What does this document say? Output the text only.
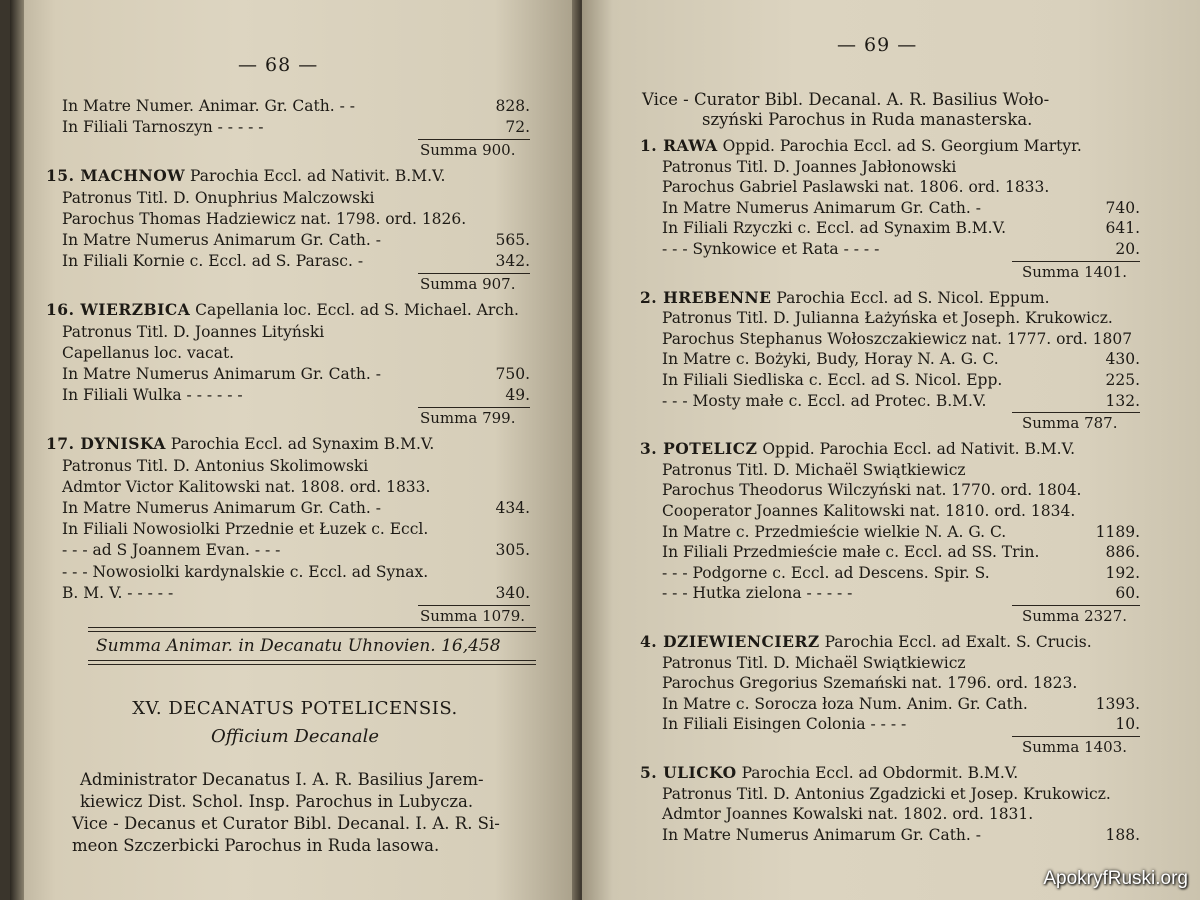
— 68 —
In Matre Numer. Animar. Gr. Cath. - -	828.
In Filiali Tarnoszyn - - - - -	72.
Summa 900.
15. MACHNOW Parochia Eccl. ad Nativit. B.M.V.
Patronus Titl. D. Onuphrius Malczowski
Parochus Thomas Hadziewicz nat. 1798. ord. 1826.
In Matre Numerus Animarum Gr. Cath. -	565.
In Filiali Kornie c. Eccl. ad S. Parasc. -	342.
Summa 907.
16. WIERZBICA Capellania loc. Eccl. ad S. Michael. Arch.
Patronus Titl. D. Joannes Lityński
Capellanus loc. vacat.
In Matre Numerus Animarum Gr. Cath. -	750.
In Filiali Wulka - - - - - -	49.
Summa 799.
17. DYNISKA Parochia Eccl. ad Synaxim B.M.V.
Patronus Titl. D. Antonius Skolimowski
Admtor Victor Kalitowski nat. 1808. ord. 1833.
In Matre Numerus Animarum Gr. Cath. -	434.
In Filiali Nowosiolki Przednie et Łuzek c. Eccl.
- - - ad S Joannem Evan. - - -	305.
- - - Nowosiolki kardynalskie c. Eccl. ad Synax.
B. M. V. - - - - -	340.
Summa 1079.
Summa Animar. in Decanatu Uhnovien. 16,458
XV. DECANATUS POTELICENSIS.
Officium Decanale
Administrator Decanatus I. A. R. Basilius Jarem-
kiewicz Dist. Schol. Insp. Parochus in Lubycza.
Vice - Decanus et Curator Bibl. Decanal. I. A. R. Si-
meon Szczerbicki Parochus in Ruda lasowa.
— 69 —
Vice - Curator Bibl. Decanal. A. R. Basilius Woło-
szyński Parochus in Ruda manasterska.
1. RAWA Oppid. Parochia Eccl. ad S. Georgium Martyr.
Patronus Titl. D. Joannes Jabłonowski
Parochus Gabriel Paslawski nat. 1806. ord. 1833.
In Matre Numerus Animarum Gr. Cath. -	740.
In Filiali Rzyczki c. Eccl. ad Synaxim B.M.V.	641.
- - - Synkowice et Rata - - - -	20.
Summa 1401.
2. HREBENNE Parochia Eccl. ad S. Nicol. Eppum.
Patronus Titl. D. Julianna Łażyńska et Joseph. Krukowicz.
Parochus Stephanus Wołoszczakiewicz nat. 1777. ord. 1807
In Matre c. Bożyki, Budy, Horay N. A. G. C.	430.
In Filiali Siedliska c. Eccl. ad S. Nicol. Epp.	225.
- - - Mosty małe c. Eccl. ad Protec. B.M.V.	132.
Summa 787.
3. POTELICZ Oppid. Parochia Eccl. ad Nativit. B.M.V.
Patronus Titl. D. Michaël Swiątkiewicz
Parochus Theodorus Wilczyński nat. 1770. ord. 1804.
Cooperator Joannes Kalitowski nat. 1810. ord. 1834.
In Matre c. Przedmieście wielkie N. A. G. C.	1189.
In Filiali Przedmieście małe c. Eccl. ad SS. Trin.	886.
- - - Podgorne c. Eccl. ad Descens. Spir. S.	192.
- - - Hutka zielona - - - - -	60.
Summa 2327.
4. DZIEWIENCIERZ Parochia Eccl. ad Exalt. S. Crucis.
Patronus Titl. D. Michaël Swiątkiewicz
Parochus Gregorius Szemański nat. 1796. ord. 1823.
In Matre c. Sorocza łoza Num. Anim. Gr. Cath.	1393.
In Filiali Eisingen Colonia - - - -	10.
Summa 1403.
5. ULICKO Parochia Eccl. ad Obdormit. B.M.V.
Patronus Titl. D. Antonius Zgadzicki et Josep. Krukowicz.
Admtor Joannes Kowalski nat. 1802. ord. 1831.
In Matre Numerus Animarum Gr. Cath. -	188.
ApokryfRuski.org
